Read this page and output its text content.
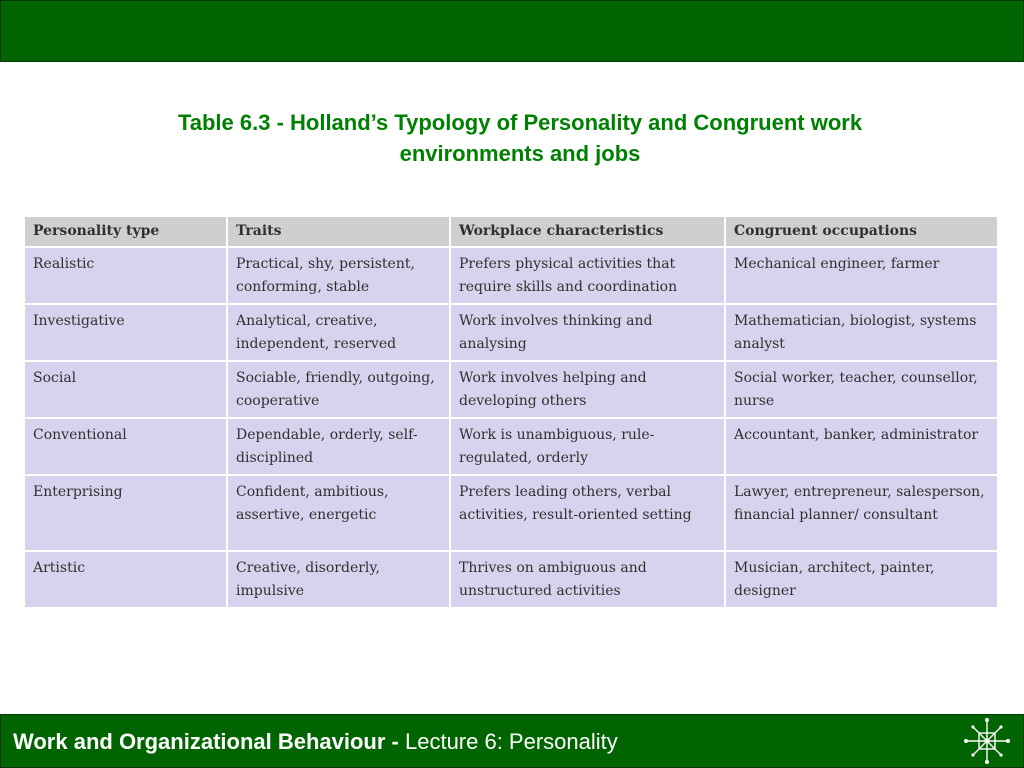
Table 6.3 - Holland’s Typology of Personality and Congruent work
environments and jobs
Personality type	Traits	Workplace characteristics	Congruent occupations
Realistic	Practical, shy, persistent, conforming, stable	Prefers physical activities that require skills and coordination	Mechanical engineer, farmer
Investigative	Analytical, creative, independent, reserved	Work involves thinking and analysing	Mathematician, biologist, systems analyst
Social	Sociable, friendly, outgoing, cooperative	Work involves helping and developing others	Social worker, teacher, counsellor, nurse
Conventional	Dependable, orderly, self-disciplined	Work is unambiguous, rule-regulated, orderly	Accountant, banker, administrator
Enterprising	Confident, ambitious, assertive, energetic	Prefers leading others, verbal activities, result-oriented setting	Lawyer, entrepreneur, salesperson, financial planner/ consultant
Artistic	Creative, disorderly, impulsive	Thrives on ambiguous and unstructured activities	Musician, architect, painter, designer
Work and Organizational Behaviour - Lecture 6: Personality
